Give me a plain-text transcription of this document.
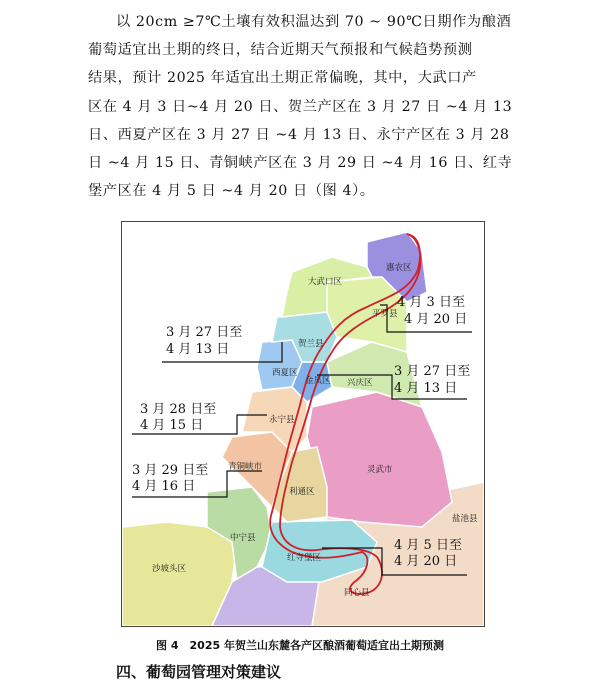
以 20cm ≥7℃土壤有效积温达到 70 ~ 90℃日期作为酿酒
葡萄适宜出土期的终日，结合近期天气预报和气候趋势预测
结果，预计 2025 年适宜出土期正常偏晚，其中，大武口产
区在 4 月 3 日~4 月 20 日、贺兰产区在 3 月 27 日 ~4 月 13
日、西夏产区在 3 月 27 日 ~4 月 13 日、永宁产区在 3 月 28
日 ~4 月 15 日、青铜峡产区在 3 月 29 日 ~4 月 16 日、红寺
堡产区在 4 月 5 日 ~4 月 20 日（图 4）。
惠农区
大武口区
平罗县
贺兰县
西夏区
金凤区 兴庆区
永宁县
青铜峡市
利通区
灵武市
中宁县
沙坡头区
红寺堡区
同心县
盐池县
4 月 3 日至
4 月 20 日
3 月 27 日至
4 月 13 日
3 月 27 日至
4 月 13 日
3 月 28 日至
4 月 15 日
3 月 29 日至
4 月 16 日
4 月 5 日至
4 月 20 日
图 4　2025 年贺兰山东麓各产区酿酒葡萄适宜出土期预测
四、葡萄园管理对策建议
